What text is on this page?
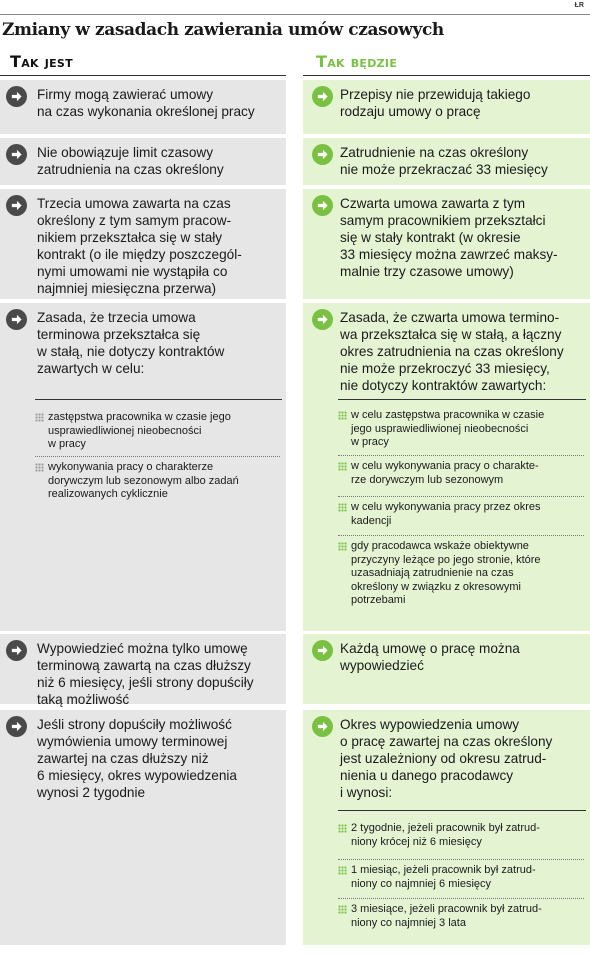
ŁR
Zmiany w zasadach zawierania umów czasowych
Tak jest	Tak będzie
Firmy mogą zawierać umowy
na czas wykonania określonej pracy
Przepisy nie przewidują takiego
rodzaju umowy o pracę
Nie obowiązuje limit czasowy
zatrudnienia na czas określony
Zatrudnienie na czas określony
nie może przekraczać 33 miesięcy
Trzecia umowa zawarta na czas
określony z tym samym pracow-
nikiem przekształca się w stały
kontrakt (o ile między poszczegól-
nymi umowami nie wystąpiła co
najmniej miesięczna przerwa)
Czwarta umowa zawarta z tym
samym pracownikiem przekształci
się w stały kontrakt (w okresie
33 miesięcy można zawrzeć maksy-
malnie trzy czasowe umowy)
Zasada, że trzecia umowa
terminowa przekształca się
w stałą, nie dotyczy kontraktów
zawartych w celu:
zastępstwa pracownika w czasie jego
usprawiedliwionej nieobecności
w pracy
wykonywania pracy o charakterze
dorywczym lub sezonowym albo zadań
realizowanych cyklicznie
Zasada, że czwarta umowa termino-
wa przekształca się w stałą, a łączny
okres zatrudnienia na czas określony
nie może przekroczyć 33 miesięcy,
nie dotyczy kontraktów zawartych:
w celu zastępstwa pracownika w czasie
jego usprawiedliwionej nieobecności
w pracy
w celu wykonywania pracy o charakte-
rze dorywczym lub sezonowym
w celu wykonywania pracy przez okres
kadencji
gdy pracodawca wskaże obiektywne
przyczyny leżące po jego stronie, które
uzasadniają zatrudnienie na czas
określony w związku z okresowymi
potrzebami
Wypowiedzieć można tylko umowę
terminową zawartą na czas dłuższy
niż 6 miesięcy, jeśli strony dopuściły
taką możliwość
Każdą umowę o pracę można
wypowiedzieć
Jeśli strony dopuściły możliwość
wymówienia umowy terminowej
zawartej na czas dłuższy niż
6 miesięcy, okres wypowiedzenia
wynosi 2 tygodnie
Okres wypowiedzenia umowy
o pracę zawartej na czas określony
jest uzależniony od okresu zatrud-
nienia u danego pracodawcy
i wynosi:
2 tygodnie, jeżeli pracownik był zatrud-
niony krócej niż 6 miesięcy
1 miesiąc, jeżeli pracownik był zatrud-
niony co najmniej 6 miesięcy
3 miesiące, jeżeli pracownik był zatrud-
niony co najmniej 3 lata
